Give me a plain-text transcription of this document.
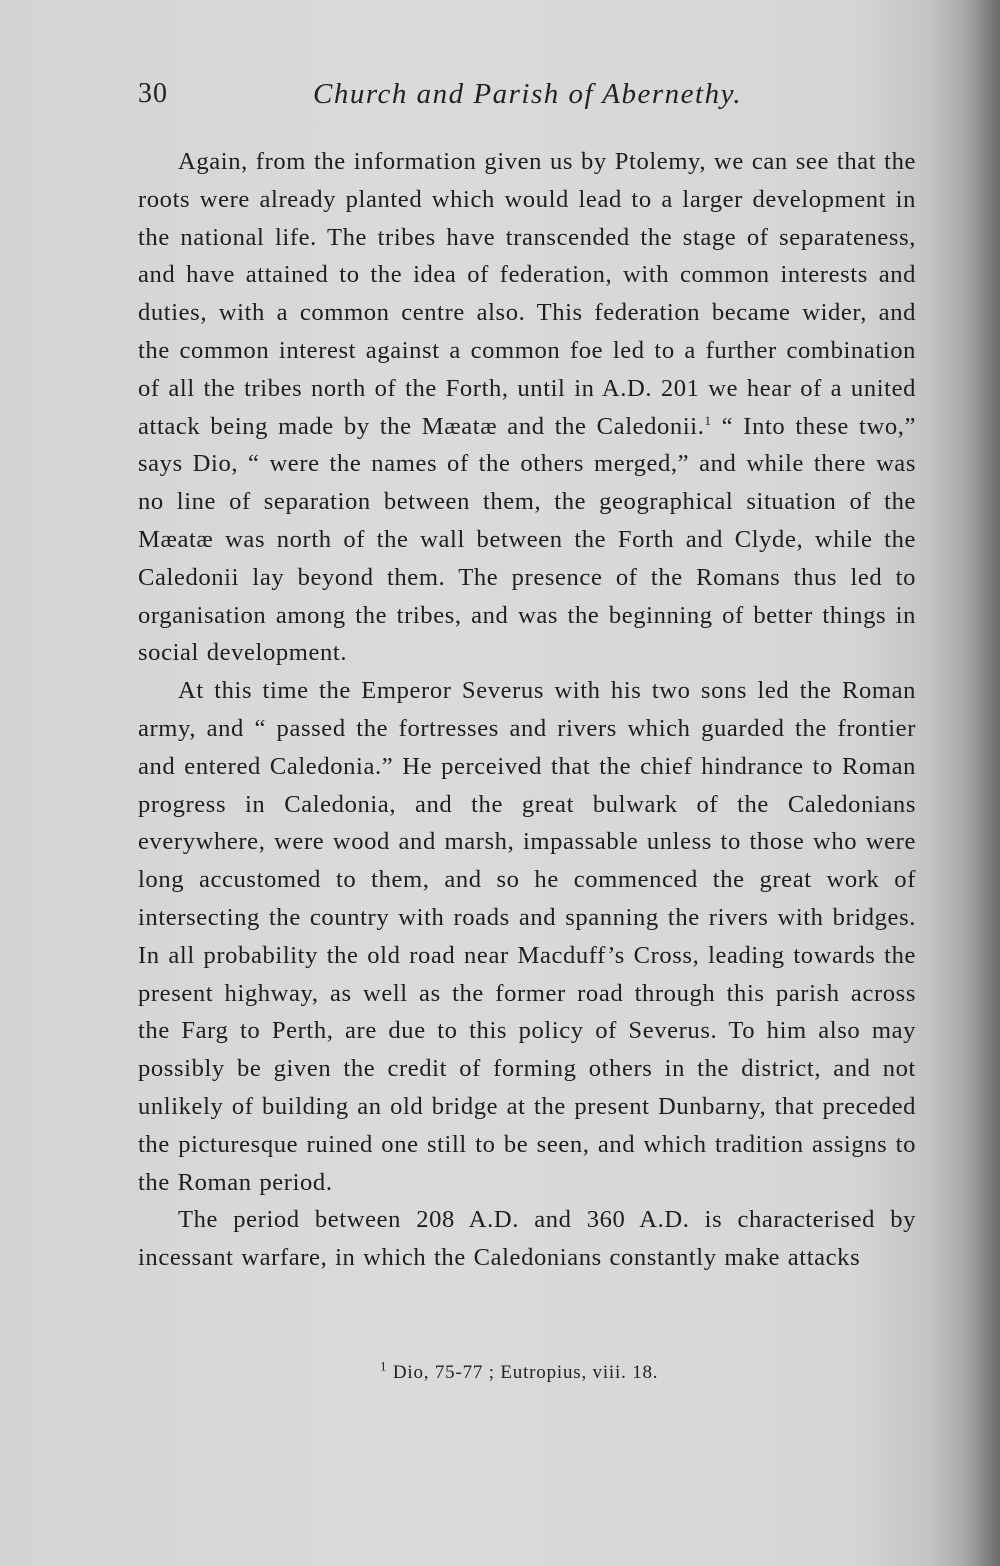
30	Church and Parish of Abernethy.

Again, from the information given us by Ptolemy, we can see that the roots were already planted which would lead to a larger development in the national life. The tribes have transcended the stage of separateness, and have attained to the idea of federation, with common interests and duties, with a common centre also. This federation became wider, and the common interest against a common foe led to a further combination of all the tribes north of the Forth, until in A.D. 201 we hear of a united attack being made by the Mæatæ and the Caledonii.$^1$ “ Into these two,” says Dio, “ were the names of the others merged,” and while there was no line of separation between them, the geographical situation of the Mæatæ was north of the wall between the Forth and Clyde, while the Caledonii lay beyond them. The presence of the Romans thus led to organisation among the tribes, and was the beginning of better things in social development.

At this time the Emperor Severus with his two sons led the Roman army, and “ passed the fortresses and rivers which guarded the frontier and entered Caledonia.” He perceived that the chief hindrance to Roman progress in Caledonia, and the great bulwark of the Caledonians everywhere, were wood and marsh, impassable unless to those who were long accustomed to them, and so he commenced the great work of intersecting the country with roads and spanning the rivers with bridges. In all probability the old road near Macduff’s Cross, leading towards the present highway, as well as the former road through this parish across the Farg to Perth, are due to this policy of Severus. To him also may possibly be given the credit of forming others in the district, and not unlikely of building an old bridge at the present Dunbarny, that preceded the picturesque ruined one still to be seen, and which tradition assigns to the Roman period.

The period between 208 A.D. and 360 A.D. is characterised by incessant warfare, in which the Caledonians constantly make attacks

$^1$ Dio, 75-77 ; Eutropius, viii. 18.
